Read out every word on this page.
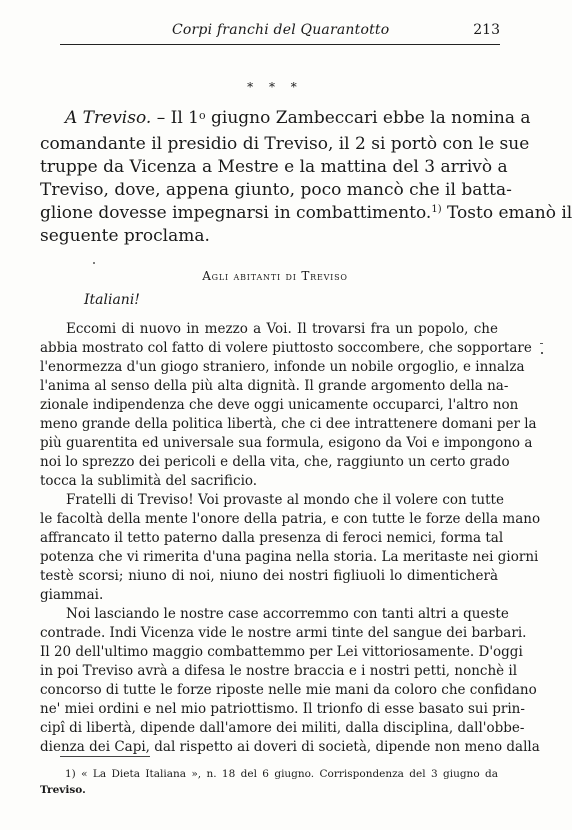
Corpi franchi del Quarantotto	213
* * *
A Treviso. – Il 1$^o$ giugno Zambeccari ebbe la nomina a
comandante il presidio di Treviso, il 2 si portò con le sue
truppe da Vicenza a Mestre e la mattina del 3 arrivò a
Treviso, dove, appena giunto, poco mancò che il batta-
glione dovesse impegnarsi in combattimento.$^{1)}$ Tosto emanò il
seguente proclama.
Agli abitanti di Treviso
Italiani!
Eccomi di nuovo in mezzo a Voi. Il trovarsi fra un popolo, che
abbia mostrato col fatto di volere piuttosto soccombere, che sopportare
l'enormezza d'un giogo straniero, infonde un nobile orgoglio, e innalza
l'anima al senso della più alta dignità. Il grande argomento della na-
zionale indipendenza che deve oggi unicamente occuparci, l'altro non
meno grande della politica libertà, che ci dee intrattenere domani per la
più guarentita ed universale sua formula, esigono da Voi e impongono a
noi lo sprezzo dei pericoli e della vita, che, raggiunto un certo grado
tocca la sublimità del sacrificio.
Fratelli di Treviso! Voi provaste al mondo che il volere con tutte
le facoltà della mente l'onore della patria, e con tutte le forze della mano
affrancato il tetto paterno dalla presenza di feroci nemici, forma tal
potenza che vi rimerita d'una pagina nella storia. La meritaste nei giorni
testè scorsi; niuno di noi, niuno dei nostri figliuoli lo dimenticherà
giammai.
Noi lasciando le nostre case accorremmo con tanti altri a queste
contrade. Indi Vicenza vide le nostre armi tinte del sangue dei barbari.
Il 20 dell'ultimo maggio combattemmo per Lei vittoriosamente. D'oggi
in poi Treviso avrà a difesa le nostre braccia e i nostri petti, nonchè il
concorso di tutte le forze riposte nelle mie mani da coloro che confidano
ne' miei ordini e nel mio patriottismo. Il trionfo di esse basato sui prin-
cipî di libertà, dipende dall'amore dei militi, dalla disciplina, dall'obbe-
dienza dei Capi, dal rispetto ai doveri di società, dipende non meno dalla
1) « La Dieta Italiana », n. 18 del 6 giugno. Corrispondenza del 3 giugno da
Treviso.
